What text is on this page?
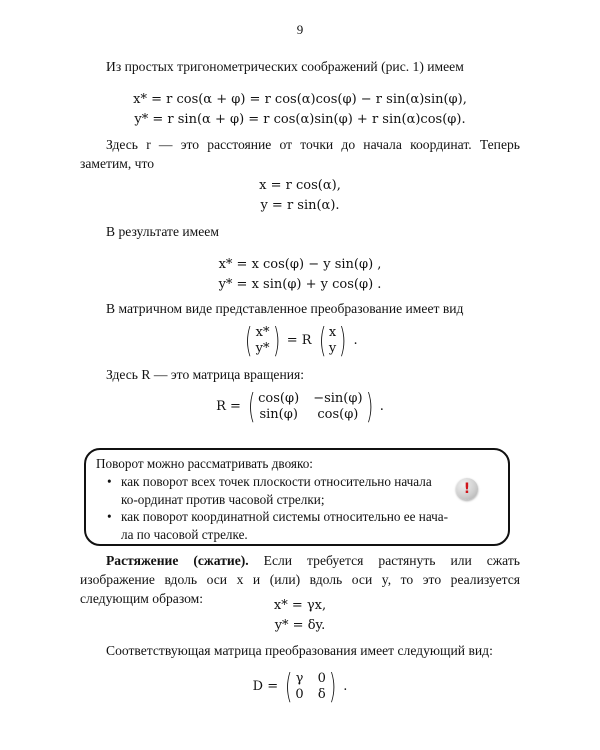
9
Из простых тригонометрических соображений (рис. 1) имеем
x* = r cos(α + φ) = r cos(α)cos(φ) − r sin(α)sin(φ),
y* = r sin(α + φ) = r cos(α)sin(φ) + r sin(α)cos(φ).
Здесь r — это расстояние от точки до начала координат. Теперь заметим, что
x = r cos(α),
y = r sin(α).
В результате имеем
x* = x cos(φ) − y sin(φ) ,
y* = x sin(φ) + y cos(φ) .
В матричном виде представленное преобразование имеет вид
( x*
y* ) = R ( x
y ) .
Здесь R — это матрица вращения:
R = ( cos(φ) −sin(φ)
sin(φ)	cos(φ) ) .
Поворот можно рассматривать двояко:
• как поворот всех точек плоскости относительно начала ко-ординат против часовой стрелки;
• как поворот координатной системы относительно ее нача-ла по часовой стрелке.
!
Растяжение (сжатие). Если требуется растянуть или сжать изображение вдоль оси x и (или) вдоль оси y, то это реализуется следующим образом:	x* = γx,
y* = δy.
Соответствующая матрица преобразования имеет следующий вид:
D = ( γ 0
0 δ ) .
